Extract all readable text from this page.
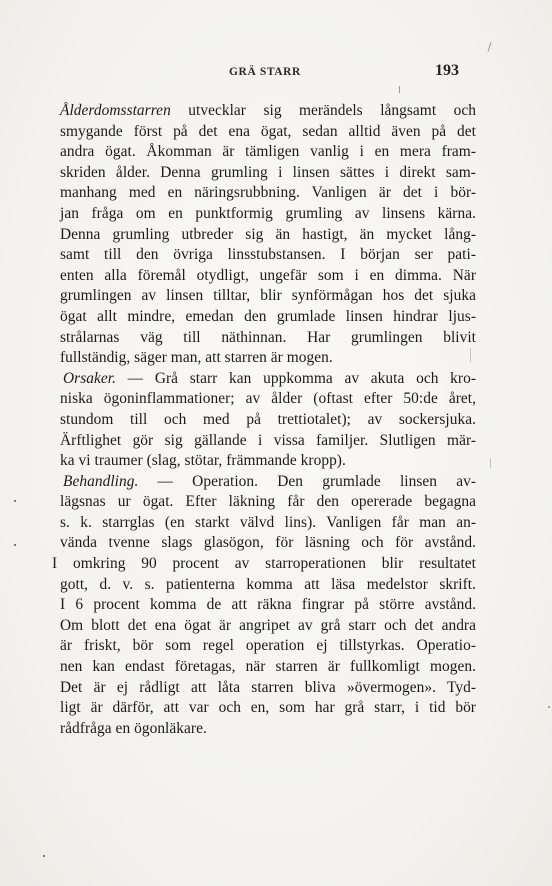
GRÄ STARR	193
Ålderdomsstarren utvecklar sig merändels långsamt och
smygande först på det ena ögat, sedan alltid även på det
andra ögat. Åkomman är tämligen vanlig i en mera fram-
skriden ålder. Denna grumling i linsen sättes i direkt sam-
manhang med en näringsrubbning. Vanligen är det i bör-
jan fråga om en punktformig grumling av linsens kärna.
Denna grumling utbreder sig än hastigt, än mycket lång-
samt till den övriga linsstubstansen. I början ser pati-
enten alla föremål otydligt, ungefär som i en dimma. När
grumlingen av linsen tilltar, blir synförmågan hos det sjuka
ögat allt mindre, emedan den grumlade linsen hindrar ljus-
strålarnas väg till näthinnan. Har grumlingen blivit
fullständig, säger man, att starren är mogen.
Orsaker. — Grå starr kan uppkomma av akuta och kro-
niska ögoninflammationer; av ålder (oftast efter 50:de året,
stundom till och med på trettiotalet); av sockersjuka.
Ärftlighet gör sig gällande i vissa familjer. Slutligen mär-
ka vi traumer (slag, stötar, främmande kropp).
Behandling. — Operation. Den grumlade linsen av-
lägsnas ur ögat. Efter läkning får den opererade begagna
s. k. starrglas (en starkt välvd lins). Vanligen får man an-
vända tvenne slags glasögon, för läsning och för avstånd.
I omkring 90 procent av starroperationen blir resultatet
gott, d. v. s. patienterna komma att läsa medelstor skrift.
I 6 procent komma de att räkna fingrar på större avstånd.
Om blott det ena ögat är angripet av grå starr och det andra
är friskt, bör som regel operation ej tillstyrkas. Operatio-
nen kan endast företagas, när starren är fullkomligt mogen.
Det är ej rådligt att låta starren bliva »övermogen». Tyd-
ligt är därför, att var och en, som har grå starr, i tid bör
rådfråga en ögonläkare.
